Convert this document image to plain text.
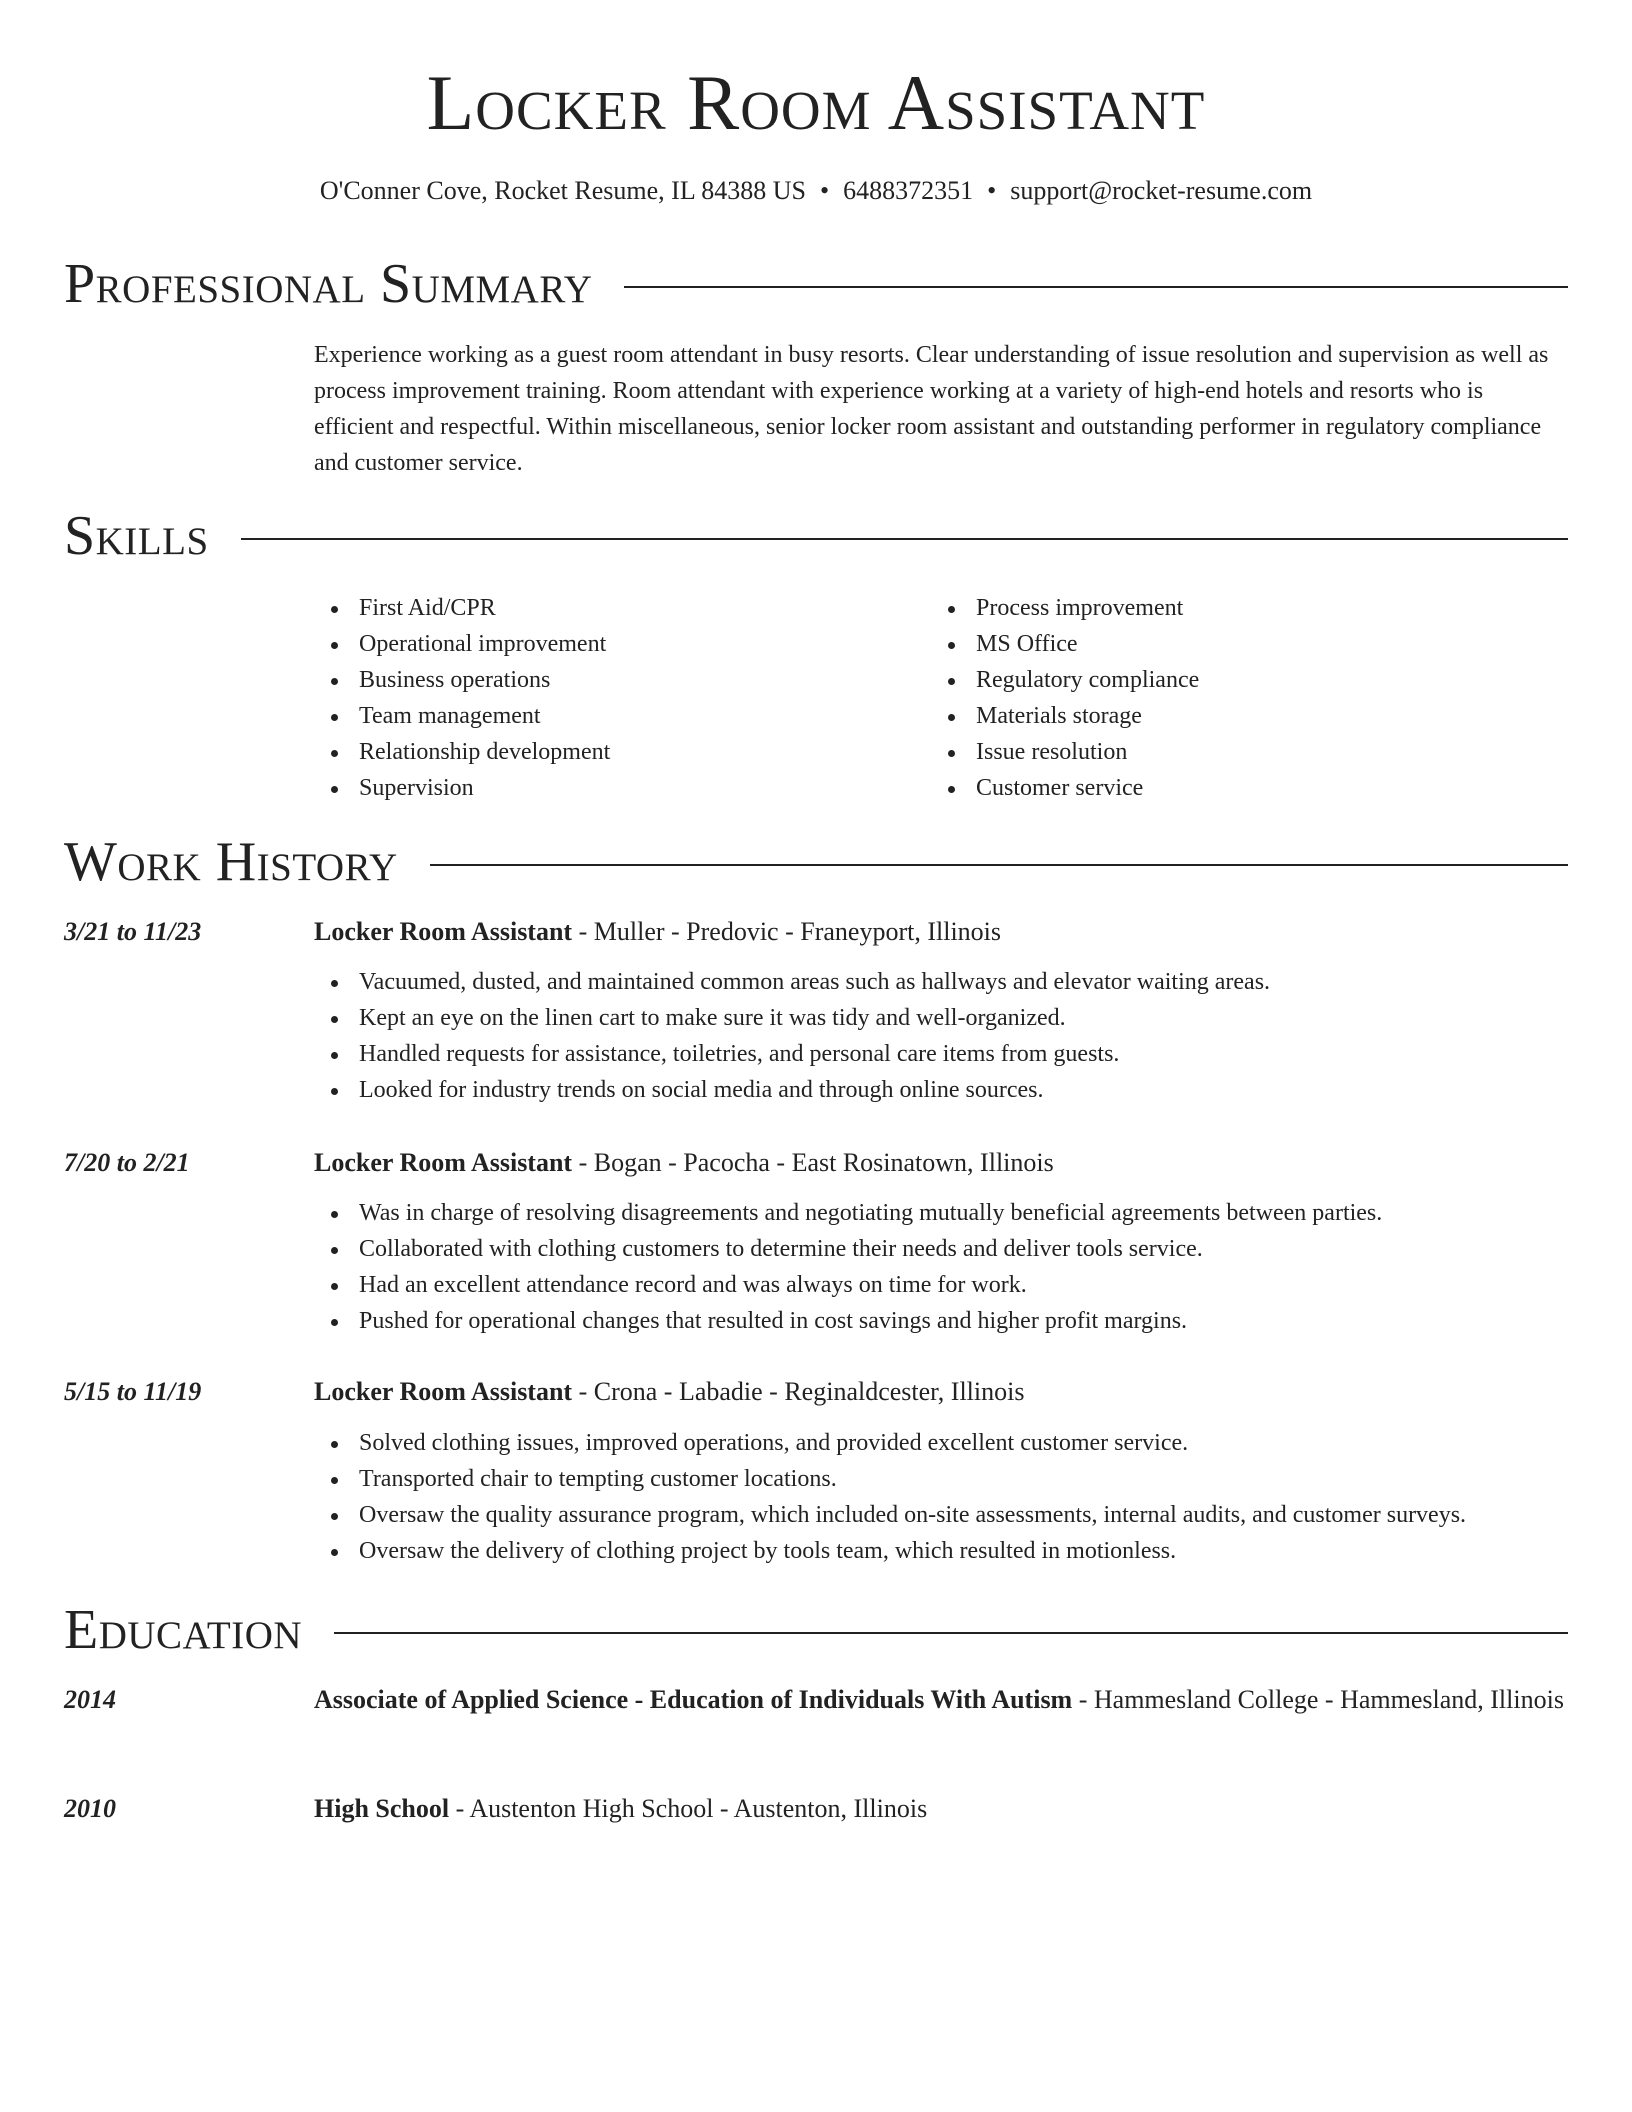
Locker Room Assistant
O'Conner Cove, Rocket Resume, IL 84388 US • 6488372351 • support@rocket-resume.com
Professional Summary

Experience working as a guest room attendant in busy resorts. Clear understanding of issue resolution and supervision as well as process improvement training. Room attendant with experience working at a variety of high-end hotels and resorts who is efficient and respectful. Within miscellaneous, senior locker room assistant and outstanding performer in regulatory compliance and customer service.

Skills
First Aid/CPR
Operational improvement
Business operations
Team management
Relationship development
Supervision
Process improvement
MS Office
Regulatory compliance
Materials storage
Issue resolution
Customer service
Work History
3/21 to 11/23	Locker Room Assistant - Muller - Predovic - Franeyport, Illinois
Vacuumed, dusted, and maintained common areas such as hallways and elevator waiting areas.
Kept an eye on the linen cart to make sure it was tidy and well-organized.
Handled requests for assistance, toiletries, and personal care items from guests.
Looked for industry trends on social media and through online sources.
7/20 to 2/21	Locker Room Assistant - Bogan - Pacocha - East Rosinatown, Illinois
Was in charge of resolving disagreements and negotiating mutually beneficial agreements between parties.
Collaborated with clothing customers to determine their needs and deliver tools service.
Had an excellent attendance record and was always on time for work.
Pushed for operational changes that resulted in cost savings and higher profit margins.
5/15 to 11/19	Locker Room Assistant - Crona - Labadie - Reginaldcester, Illinois
Solved clothing issues, improved operations, and provided excellent customer service.
Transported chair to tempting customer locations.
Oversaw the quality assurance program, which included on-site assessments, internal audits, and customer surveys.
Oversaw the delivery of clothing project by tools team, which resulted in motionless.
Education
2014	Associate of Applied Science - Education of Individuals With Autism - Hammesland College - Hammesland, Illinois
2010	High School - Austenton High School - Austenton, Illinois
